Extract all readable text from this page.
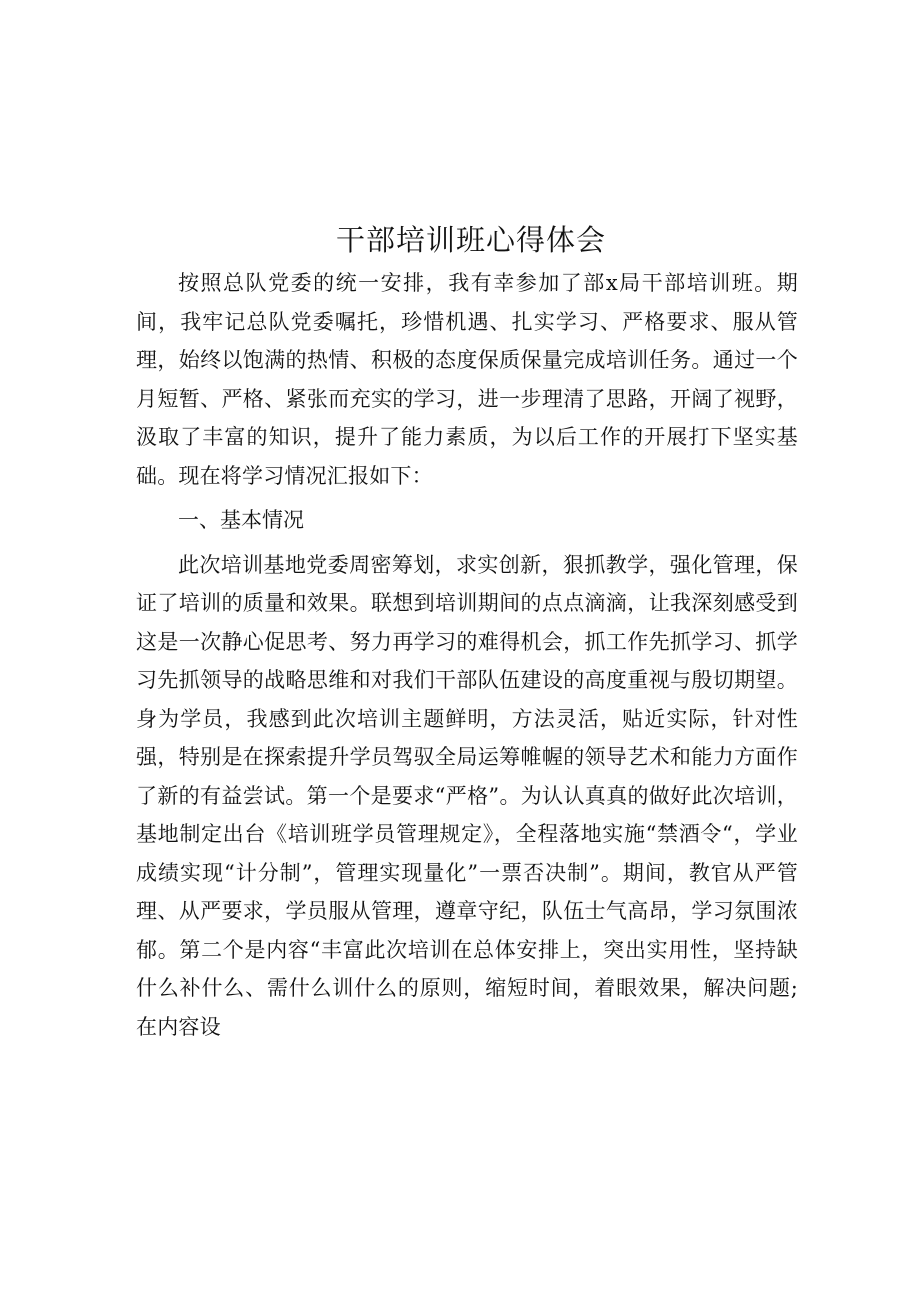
干部培训班心得体会

按照总队党委的统一安排，我有幸参加了部x局干部培训班。期间，我牢记总队党委嘱托，珍惜机遇、扎实学习、严格要求、服从管理，始终以饱满的热情、积极的态度保质保量完成培训任务。通过一个月短暂、严格、紧张而充实的学习，进一步理清了思路，开阔了视野，汲取了丰富的知识，提升了能力素质，为以后工作的开展打下坚实基础。现在将学习情况汇报如下：

一、基本情况

此次培训基地党委周密筹划，求实创新，狠抓教学，强化管理，保证了培训的质量和效果。联想到培训期间的点点滴滴，让我深刻感受到这是一次静心促思考、努力再学习的难得机会，抓工作先抓学习、抓学习先抓领导的战略思维和对我们干部队伍建设的高度重视与殷切期望。身为学员，我感到此次培训主题鲜明，方法灵活，贴近实际，针对性强，特别是在探索提升学员驾驭全局运筹帷幄的领导艺术和能力方面作了新的有益尝试。第一个是要求“严格”。为认认真真的做好此次培训，基地制定出台《培训班学员管理规定》，全程落地实施“禁酒令“，学业成绩实现“计分制”，管理实现量化”一票否决制”。期间，教官从严管理、从严要求，学员服从管理，遵章守纪，队伍士气高昂，学习氛围浓郁。第二个是内容“丰富此次培训在总体安排上，突出实用性，坚持缺什么补什么、需什么训什么的原则，缩短时间，着眼效果，解决问题;在内容设
